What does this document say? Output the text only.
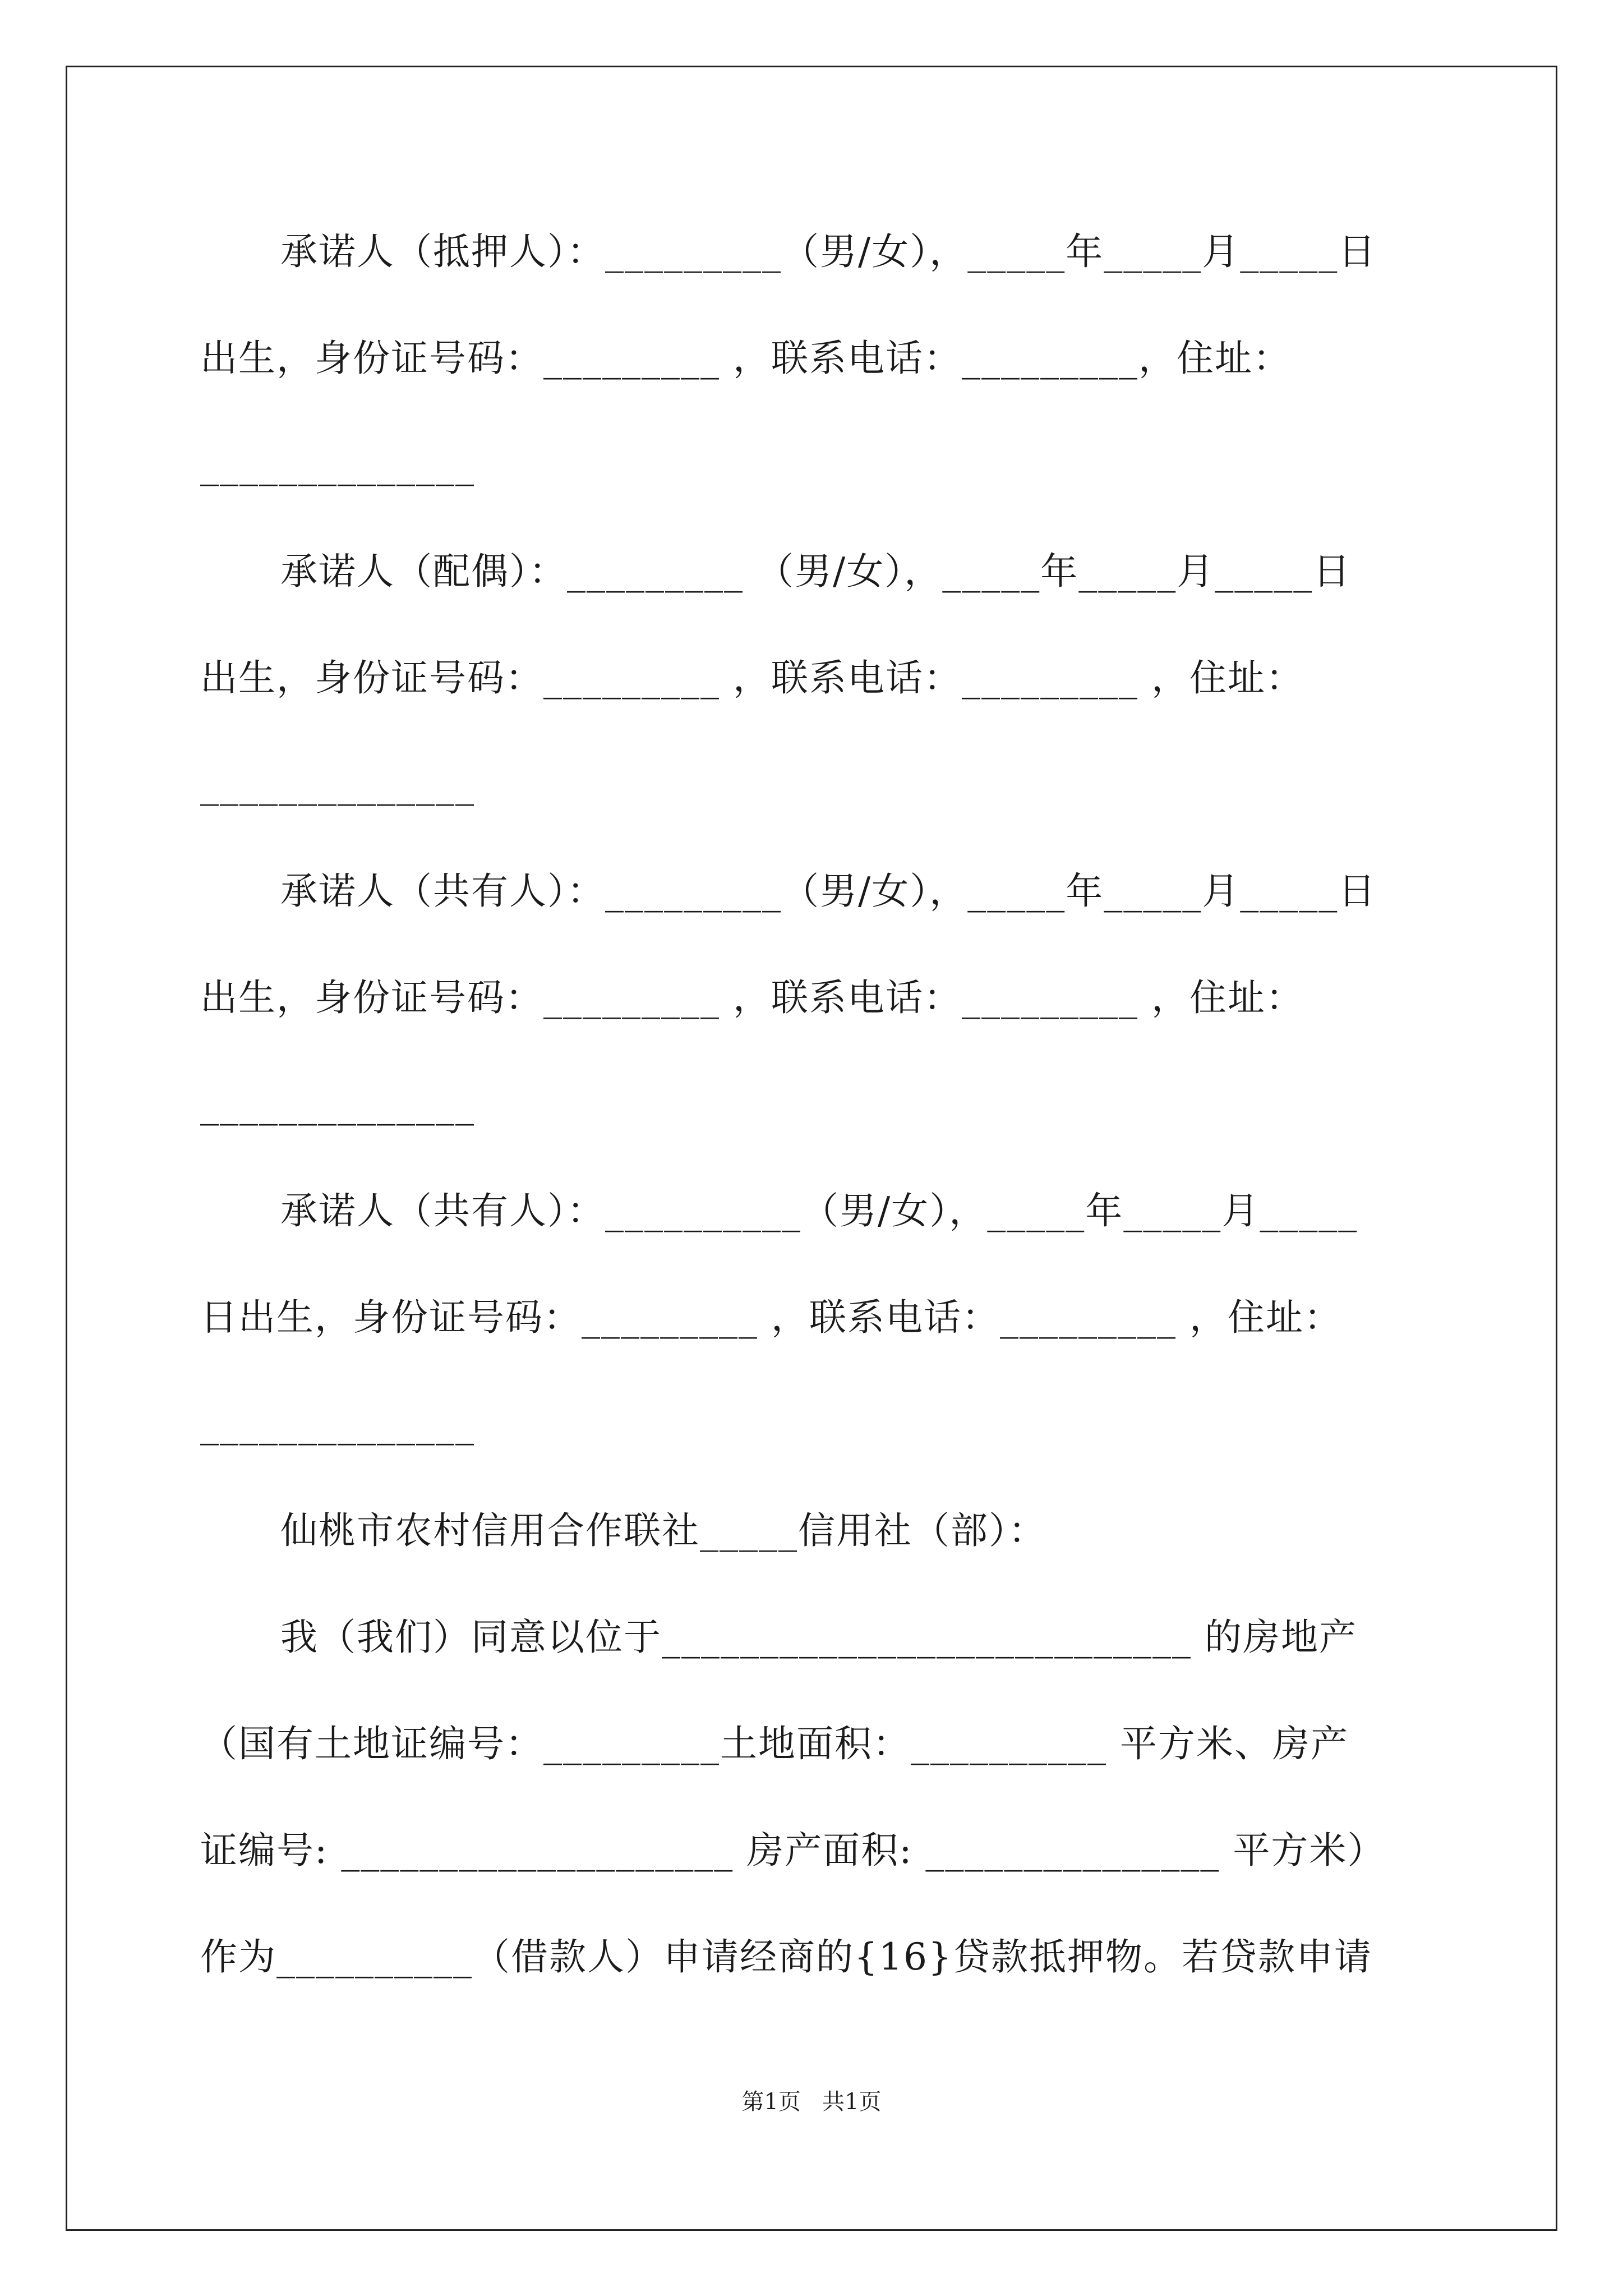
承诺人（抵押人）：_________（男/女），_____年_____月_____日
出生，身份证号码：_________ ，联系电话：_________，住址：
______________
承诺人（配偶）：_________ （男/女），_____年_____月_____日
出生，身份证号码：_________ ，联系电话：_________ ，住址：
______________
承诺人（共有人）：_________（男/女），_____年_____月_____日
出生，身份证号码：_________ ，联系电话：_________ ，住址：
______________
承诺人（共有人）：__________（男/女），_____年_____月_____
日出生，身份证号码：_________ ，联系电话：_________ ，住址：
______________
仙桃市农村信用合作联社_____信用社（部）：
我（我们）同意以位于___________________________ 的房地产
（国有土地证编号：_________土地面积：__________ 平方米、房产
证编号: ____________________ 房产面积: _______________ 平方米）
作为__________（借款人）申请经商的{16}贷款抵押物。若贷款申请
第1页   共1页
